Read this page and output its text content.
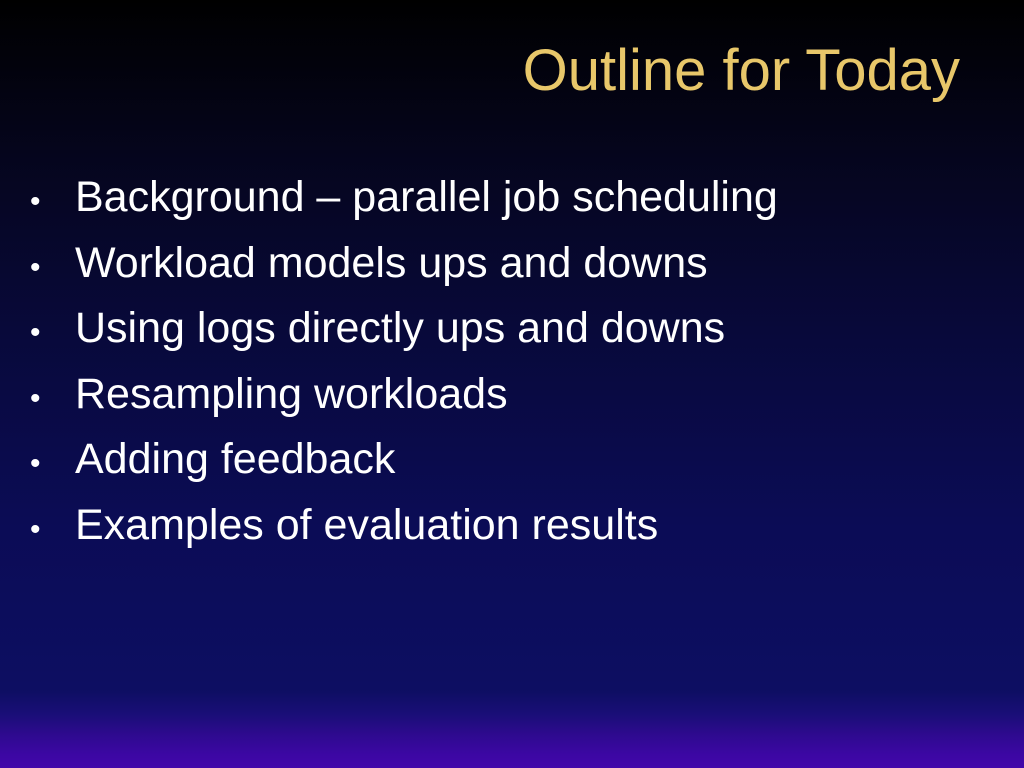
Outline for Today
• Background – parallel job scheduling
• Workload models ups and downs
• Using logs directly ups and downs
• Resampling workloads
• Adding feedback
• Examples of evaluation results
